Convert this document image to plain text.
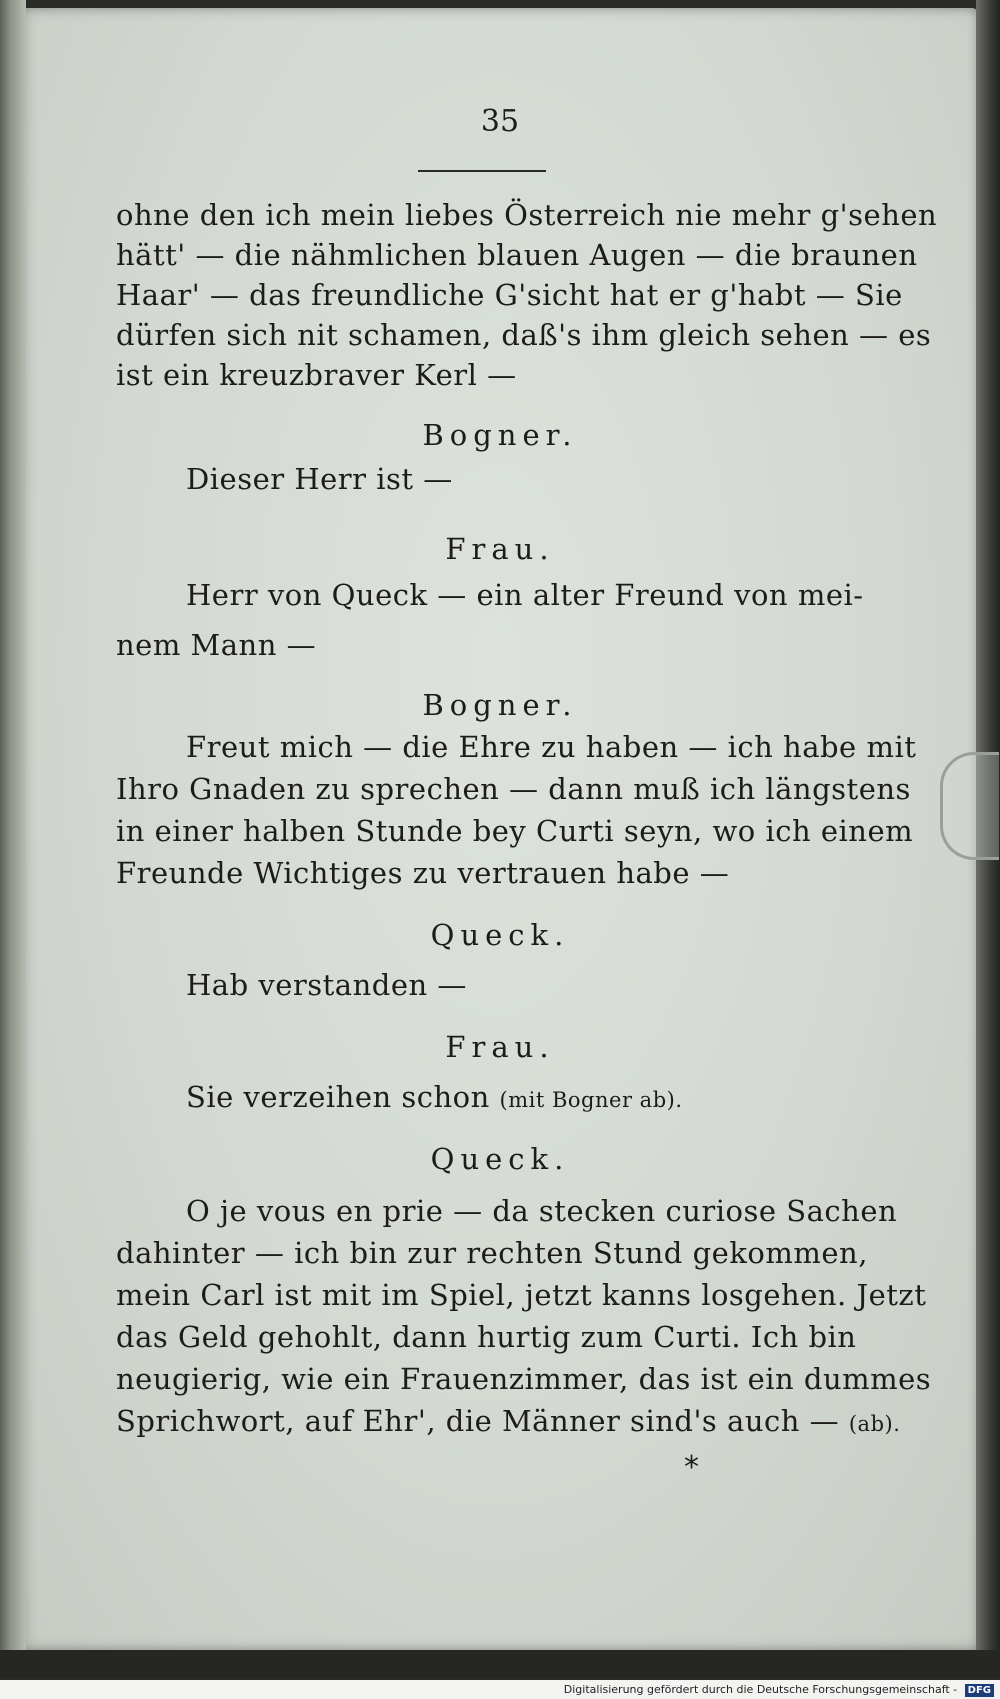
35
ohne den ich mein liebes Österreich nie mehr g'sehen
hätt' — die nähmlichen blauen Augen — die braunen
Haar' — das freundliche G'sicht hat er g'habt — Sie
dürfen sich nit schamen, daß's ihm gleich sehen — es
ist ein kreuzbraver Kerl —
Bogner.
Dieser Herr ist —
Frau.
Herr von Queck — ein alter Freund von mei-
nem Mann —
Bogner.
Freut mich — die Ehre zu haben — ich habe mit
Ihro Gnaden zu sprechen — dann muß ich längstens
in einer halben Stunde bey Curti seyn, wo ich einem
Freunde Wichtiges zu vertrauen habe —
Queck.
Hab verstanden —
Frau.
Sie verzeihen schon (mit Bogner ab).
Queck.
O je vous en prie — da stecken curiose Sachen
dahinter — ich bin zur rechten Stund gekommen,
mein Carl ist mit im Spiel, jetzt kanns losgehen. Jetzt
das Geld gehohlt, dann hurtig zum Curti. Ich bin
neugierig, wie ein Frauenzimmer, das ist ein dummes
Sprichwort, auf Ehr', die Männer sind's auch — (ab).
*
Digitalisierung gefördert durch die Deutsche Forschungsgemeinschaft - DFG
